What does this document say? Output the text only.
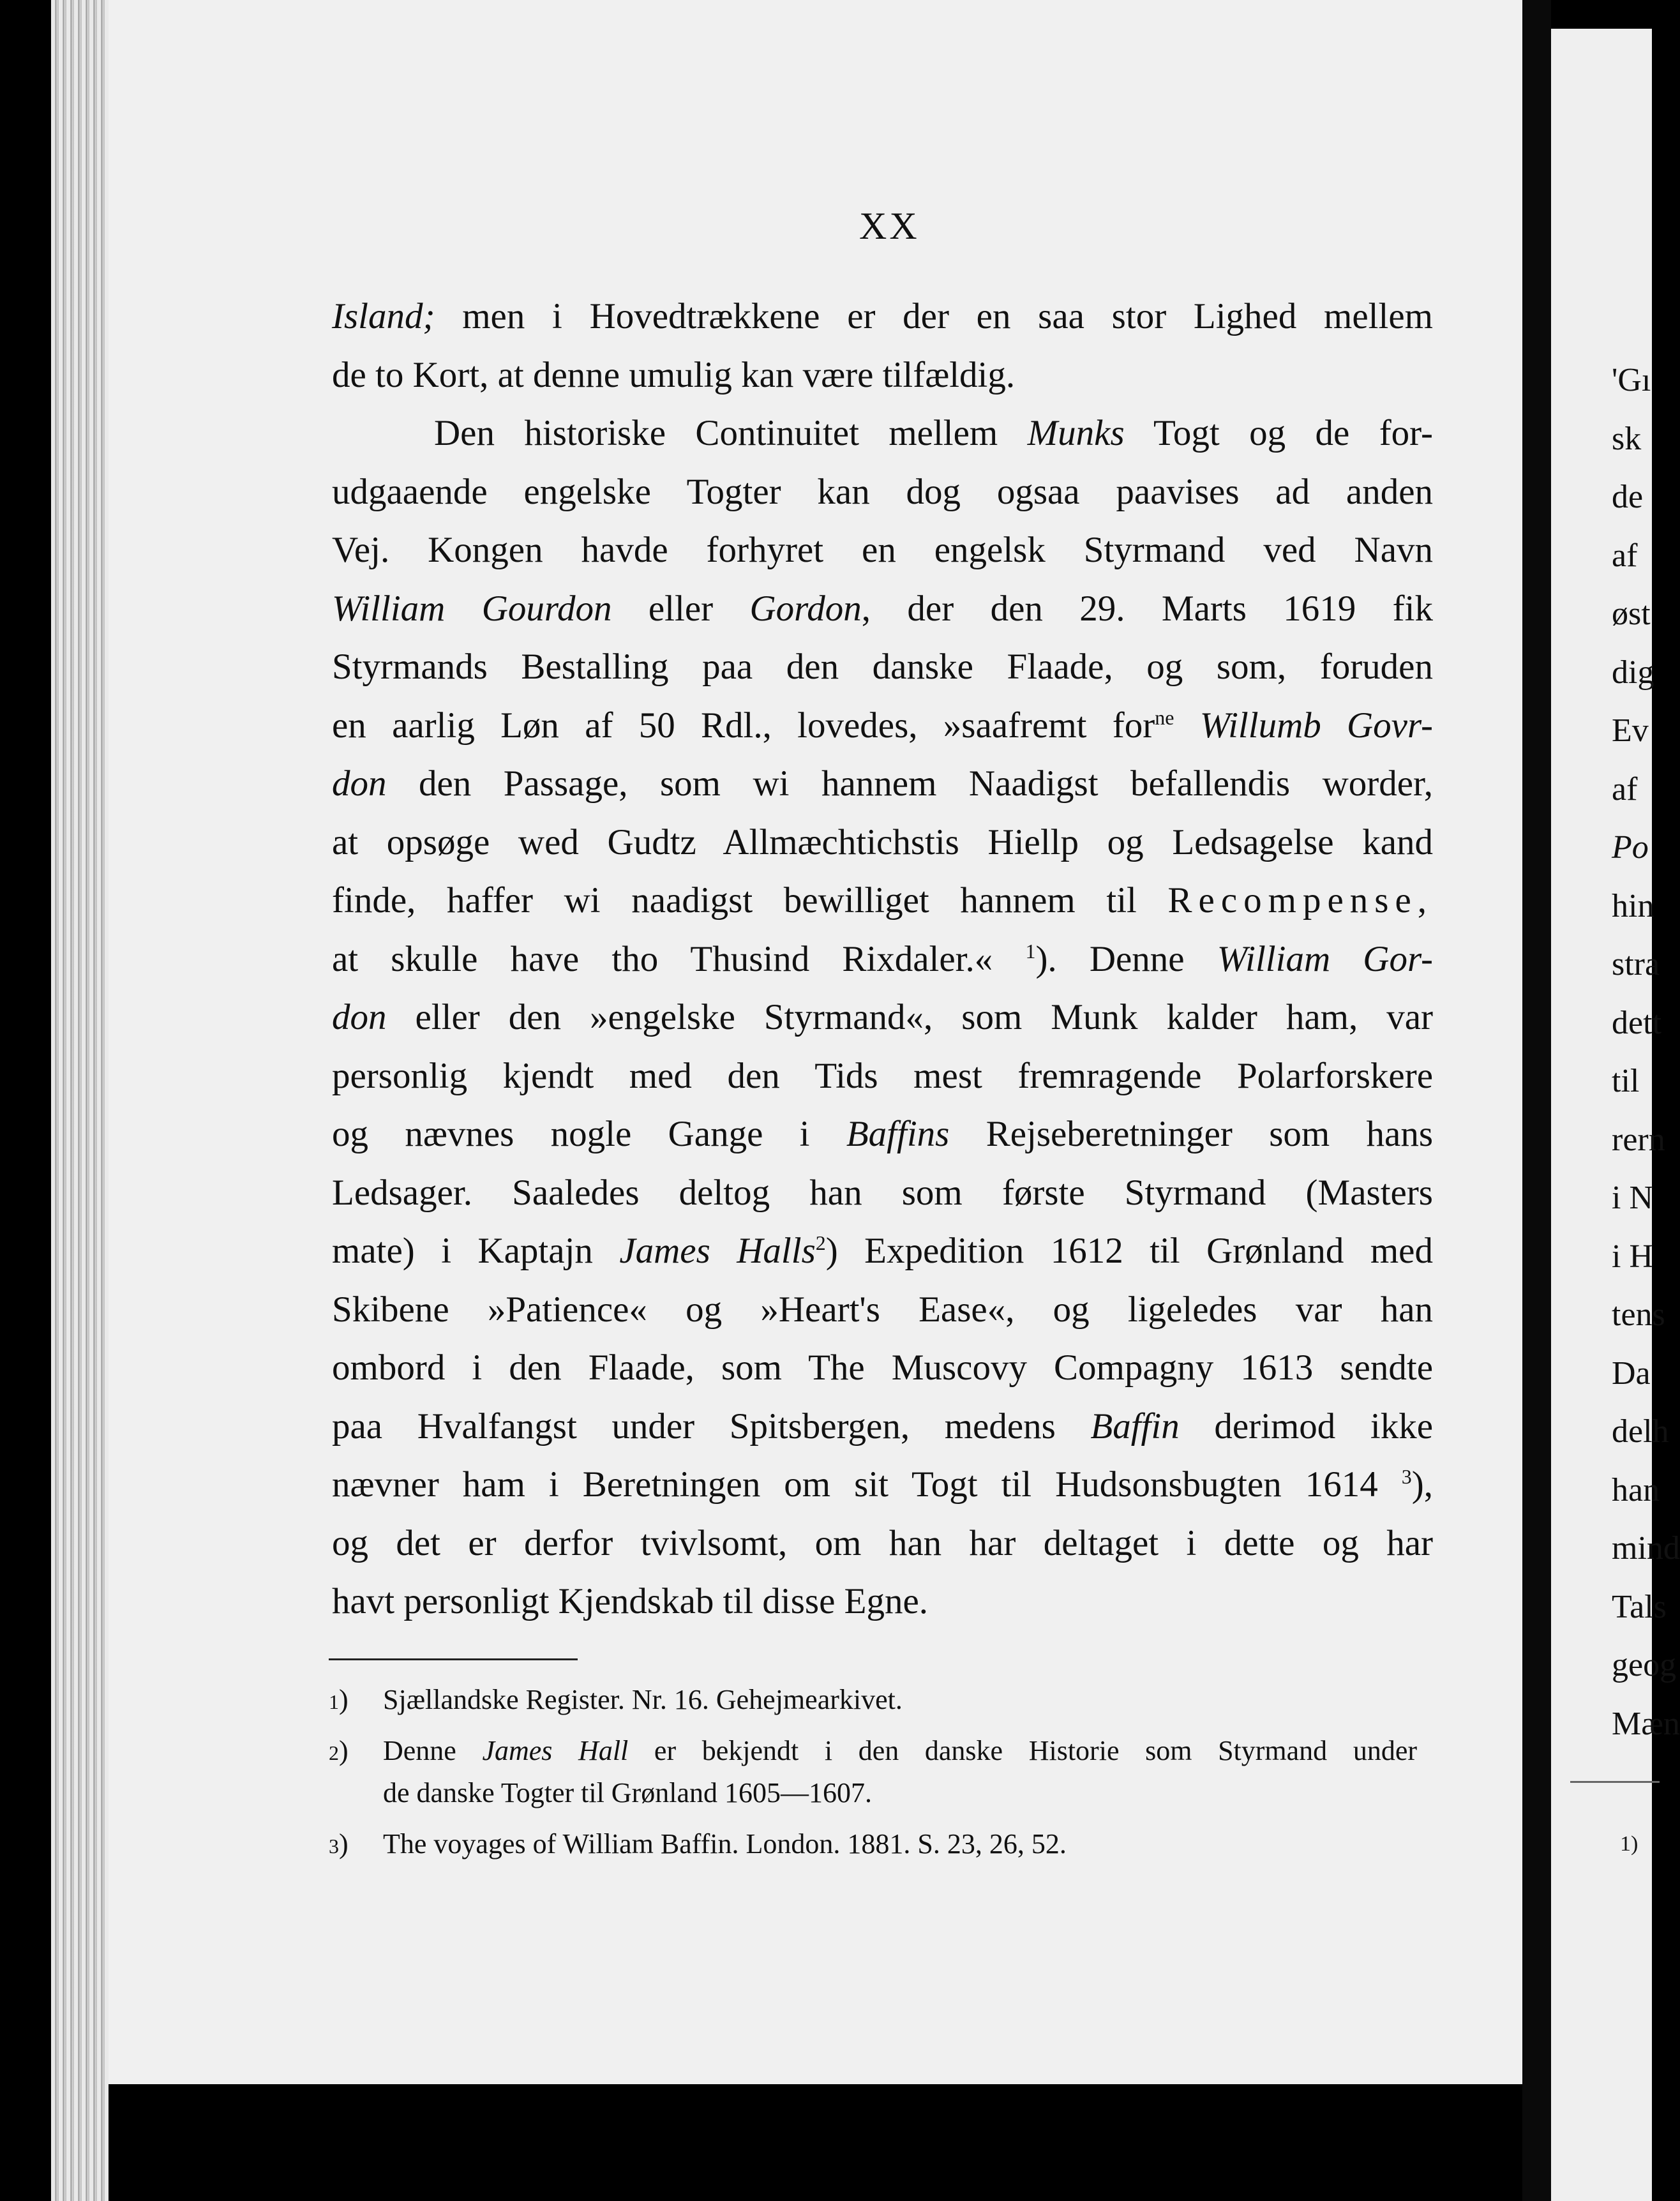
XX
Island; men i Hovedtrækkene er der en saa stor Lighed mellem
de to Kort, at denne umulig kan være tilfældig.
Den historiske Continuitet mellem Munks Togt og de for-
udgaaende engelske Togter kan dog ogsaa paavises ad anden
Vej. Kongen havde forhyret en engelsk Styrmand ved Navn
William Gourdon eller Gordon, der den 29. Marts 1619 fik
Styrmands Bestalling paa den danske Flaade, og som, foruden
en aarlig Løn af 50 Rdl., lovedes, »saafremt for$^{ne}$ Willumb Govr-
don den Passage, som wi hannem Naadigst befallendis worder,
at opsøge wed Gudtz Allmæchtichstis Hiellp og Ledsagelse kand
finde, haffer wi naadigst bewilliget hannem til Recompense,
at skulle have tho Thusind Rixdaler.« $^1$). Denne William Gor-
don eller den »engelske Styrmand«, som Munk kalder ham, var
personlig kjendt med den Tids mest fremragende Polarforskere
og nævnes nogle Gange i Baffins Rejseberetninger som hans
Ledsager. Saaledes deltog han som første Styrmand (Masters
mate) i Kaptajn James Halls$^2$) Expedition 1612 til Grønland med
Skibene »Patience« og »Heart's Ease«, og ligeledes var han
ombord i den Flaade, som The Muscovy Compagny 1613 sendte
paa Hvalfangst under Spitsbergen, medens Baffin derimod ikke
nævner ham i Beretningen om sit Togt til Hudsonsbugten 1614 $^3$),
og det er derfor tvivlsomt, om han har deltaget i dette og har
havt personligt Kjendskab til disse Egne.
1) Sjællandske Register. Nr. 16. Gehejmearkivet.
2) Denne James Hall er bekjendt i den danske Historie som Styrmand under
de danske Togter til Grønland 1605—1607.
3) The voyages of William Baffin. London. 1881. S. 23, 26, 52.
'Gı
sk
de
af
øst
dig
Ev
af
Po
hin
stra
dett
til
rern
i N
i H
tens
Da
delh
han
mind
Tals
geog
Mæn
1)
